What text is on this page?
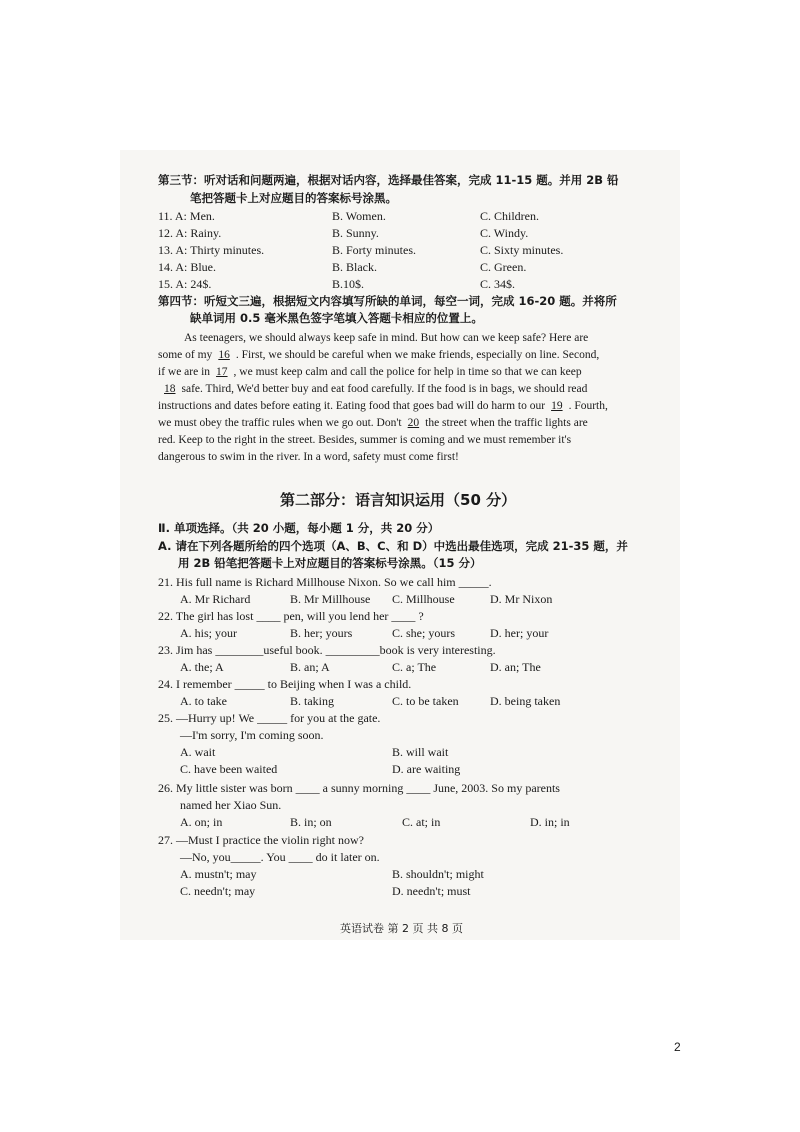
第三节：听对话和问题两遍，根据对话内容，选择最佳答案，完成 11-15 题。并用 2B 铅
笔把答题卡上对应题目的答案标号涂黑。
11. A: Men.	B. Women.	C. Children.
12. A: Rainy.	B. Sunny.	C. Windy.
13. A: Thirty minutes.	B. Forty minutes.	C. Sixty minutes.
14. A: Blue.	B. Black.	C. Green.
15. A: 24$.	B.10$.	C. 34$.
第四节：听短文三遍，根据短文内容填写所缺的单词，每空一词，完成 16-20 题。并将所
缺单词用 0.5 毫米黑色签字笔填入答题卡相应的位置上。
As teenagers, we should always keep safe in mind. But how can we keep safe? Here are
some of my 16 . First, we should be careful when we make friends, especially on line. Second,
if we are in 17 , we must keep calm and call the police for help in time so that we can keep
18 safe. Third, We'd better buy and eat food carefully. If the food is in bags, we should read
instructions and dates before eating it. Eating food that goes bad will do harm to our 19 . Fourth,
we must obey the traffic rules when we go out. Don't 20 the street when the traffic lights are
red. Keep to the right in the street. Besides, summer is coming and we must remember it's
dangerous to swim in the river. In a word, safety must come first!
第二部分：语言知识运用（50 分）
Ⅱ. 单项选择。（共 20 小题，每小题 1 分，共 20 分）
A. 请在下列各题所给的四个选项（A、B、C、和 D）中选出最佳选项，完成 21-35 题，并
用 2B 铅笔把答题卡上对应题目的答案标号涂黑。（15 分）
21. His full name is Richard Millhouse Nixon. So we call him _____.
A. Mr Richard	B. Mr Millhouse C. Millhouse	D. Mr Nixon
22. The girl has lost ____ pen, will you lend her ____ ?
A. his; your	B. her; yours	C. she; yours	D. her; your
23. Jim has ________useful book. _________book is very interesting.
A. the; A	B. an; A	C. a; The	D. an; The
24. I remember _____ to Beijing when I was a child.
A. to take	B. taking	C. to be taken	D. being taken
25. —Hurry up! We _____ for you at the gate.
—I'm sorry, I'm coming soon.
A. wait	B. will wait
C. have been waited	D. are waiting
26. My little sister was born ____ a sunny morning ____ June, 2003. So my parents
named her Xiao Sun.
A. on; in	B. in; on	C. at; in	D. in; in
27. —Must I practice the violin right now?
—No, you_____. You ____ do it later on.
A. mustn't; may	B. shouldn't; might
C. needn't; may	D. needn't; must
英语试卷 第 2 页 共 8 页
2
